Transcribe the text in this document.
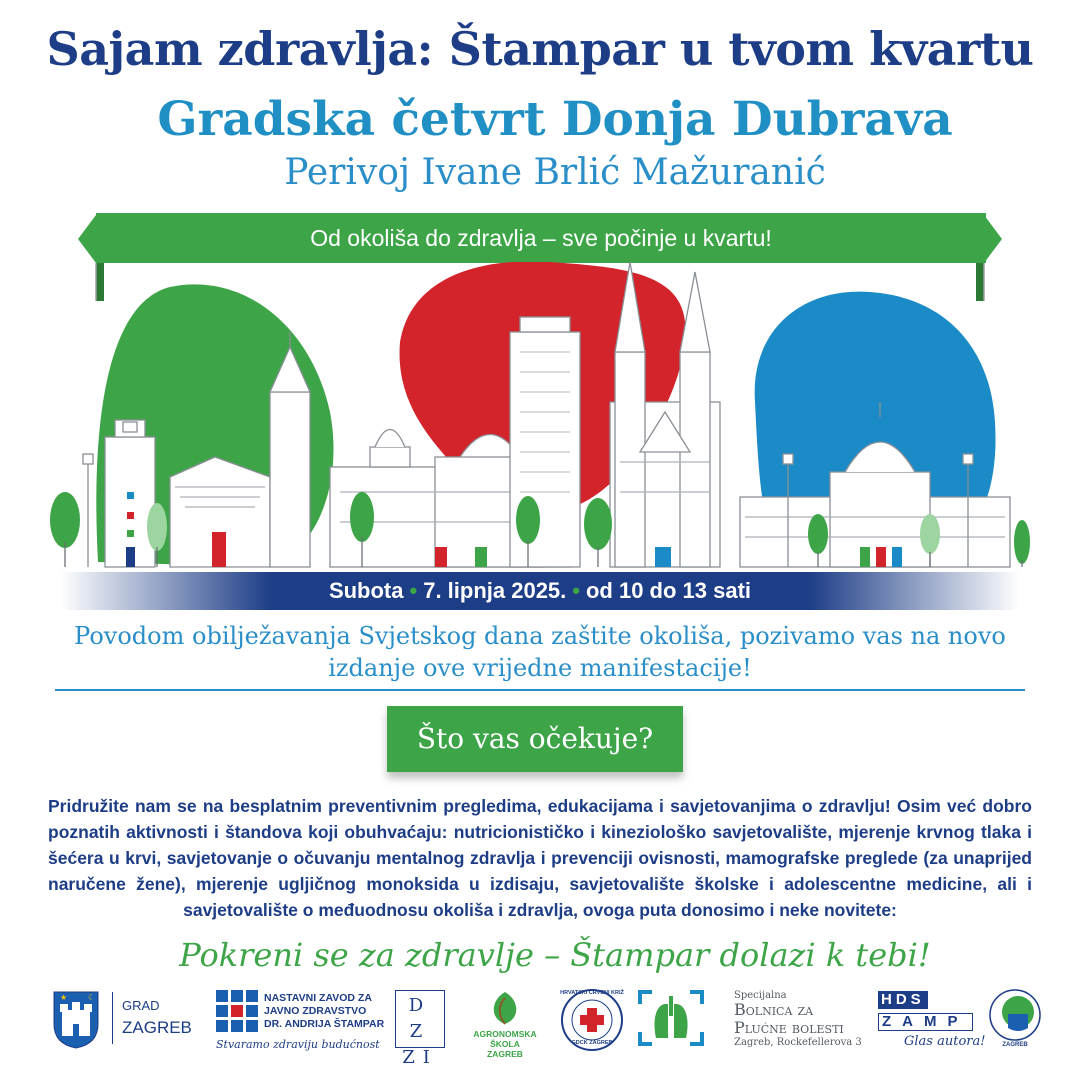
Sajam zdravlja: Štampar u tvom kvartu
Gradska četvrt Donja Dubrava
Perivoj Ivane Brlić Mažuranić
Od okoliša do zdravlja – sve počinje u kvartu!
Subota • 7. lipnja 2025. • od 10 do 13 sati
Povodom obilježavanja Svjetskog dana zaštite okoliša, pozivamo vas na novo izdanje ove vrijedne manifestacije!
Što vas očekuje?
Pridružite nam se na besplatnim preventivnim pregledima, edukacijama i savjetovanjima o zdravlju! Osim već dobro poznatih aktivnosti i štandova koji obuhvaćaju: nutricionističko i kineziološko savjetovalište, mjerenje krvnog tlaka i šećera u krvi, savjetovanje o očuvanju mentalnog zdravlja i prevenciji ovisnosti, mamografske preglede (za unaprijed naručene žene), mjerenje ugljičnog monoksida u izdisaju, savjetovalište školske i adolescentne medicine, ali i savjetovalište o međuodnosu okoliša i zdravlja, ovoga puta donosimo i neke novitete:
Pokreni se za zdravlje – Štampar dolazi k tebi!
★	☾
GRAD
ZAGREB
NASTAVNI ZAVOD ZA
JAVNO ZDRAVSTVO
DR. ANDRIJA ŠTAMPAR
Stvaramo zdraviju budućnost
DZZI
AGRONOMSKA ŠKOLA
ZAGREB
HRVATSKI CRVENI KRIŽ
GDCK ZAGREB
Specijalna
Bolnica za
Plućne bolesti
Zagreb, Rockefellerova 3
HDS
ZAMP
Glas autora!	ZAGREB
